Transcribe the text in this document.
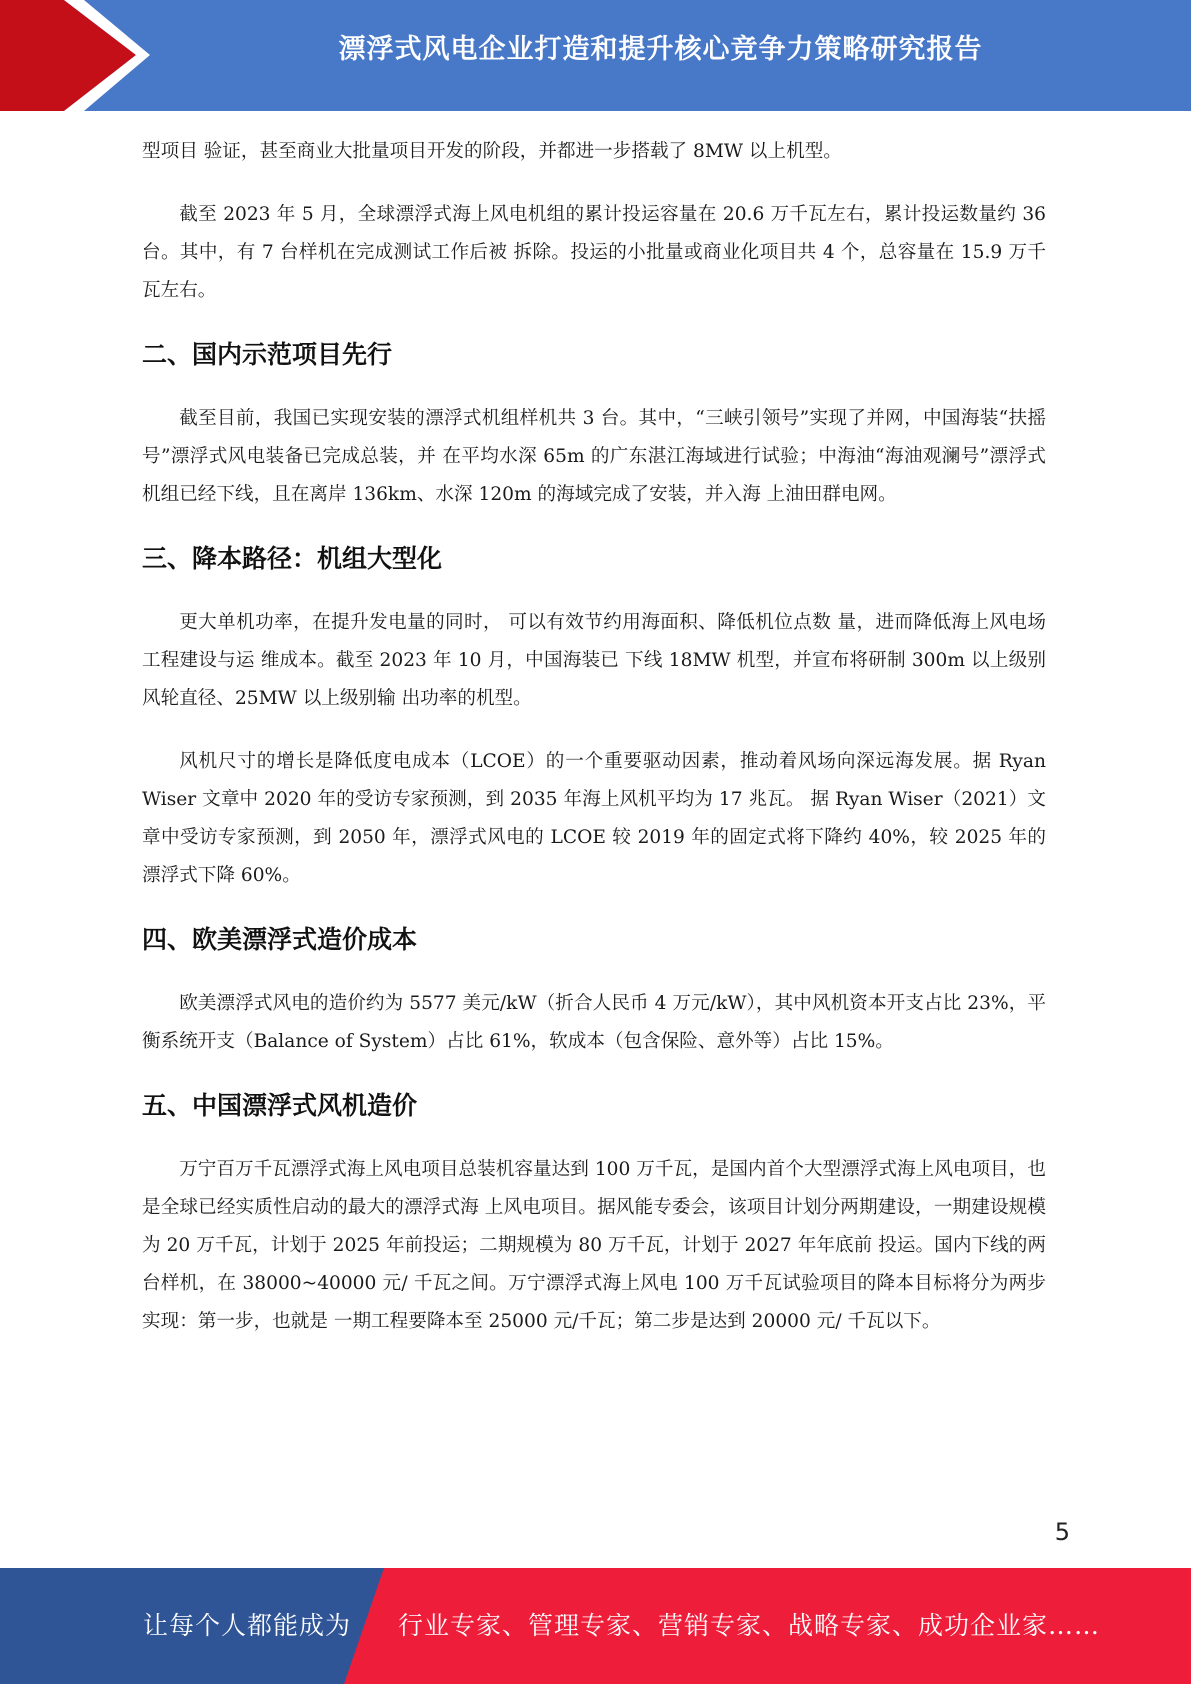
漂浮式风电企业打造和提升核心竞争力策略研究报告

型项目 验证，甚至商业大批量项目开发的阶段，并都进一步搭载了 8MW 以上机型。

截至 2023 年 5 月，全球漂浮式海上风电机组的累计投运容量在 20.6 万千瓦左右，累计投运数量约 36 台。其中，有 7 台样机在完成测试工作后被 拆除。投运的小批量或商业化项目共 4 个，总容量在 15.9 万千瓦左右。

二、国内示范项目先行

截至目前，我国已实现安装的漂浮式机组样机共 3 台。其中，“三峡引领号”实现了并网，中国海装“扶摇号”漂浮式风电装备已完成总装，并 在平均水深 65m 的广东湛江海域进行试验；中海油“海油观澜号”漂浮式机组已经下线，且在离岸 136km、水深 120m 的海域完成了安装，并入海 上油田群电网。

三、降本路径：机组大型化

更大单机功率，在提升发电量的同时， 可以有效节约用海面积、降低机位点数 量，进而降低海上风电场工程建设与运 维成本。截至 2023 年 10 月，中国海装已 下线 18MW 机型，并宣布将研制 300m 以上级别风轮直径、25MW 以上级别输 出功率的机型。

风机尺寸的增长是降低度电成本（LCOE）的一个重要驱动因素，推动着风场向深远海发展。据 Ryan Wiser 文章中 2020 年的受访专家预测，到 2035 年海上风机平均为 17 兆瓦。 据 Ryan Wiser（2021）文章中受访专家预测，到 2050 年，漂浮式风电的 LCOE 较 2019 年的固定式将下降约 40%，较 2025 年的漂浮式下降 60%。

四、欧美漂浮式造价成本

欧美漂浮式风电的造价约为 5577 美元/kW（折合人民币 4 万元/kW），其中风机资本开支占比 23%，平衡系统开支（Balance of System）占比 61%，软成本（包含保险、意外等）占比 15%。

五、中国漂浮式风机造价

万宁百万千瓦漂浮式海上风电项目总装机容量达到 100 万千瓦，是国内首个大型漂浮式海上风电项目，也是全球已经实质性启动的最大的漂浮式海 上风电项目。据风能专委会，该项目计划分两期建设，一期建设规模为 20 万千瓦，计划于 2025 年前投运；二期规模为 80 万千瓦，计划于 2027 年年底前 投运。国内下线的两台样机，在 38000~40000 元/ 千瓦之间。万宁漂浮式海上风电 100 万千瓦试验项目的降本目标将分为两步实现：第一步，也就是 一期工程要降本至 25000 元/千瓦；第二步是达到 20000 元/ 千瓦以下。

5
让每个人都能成为 行业专家、管理专家、营销专家、战略专家、成功企业家……
